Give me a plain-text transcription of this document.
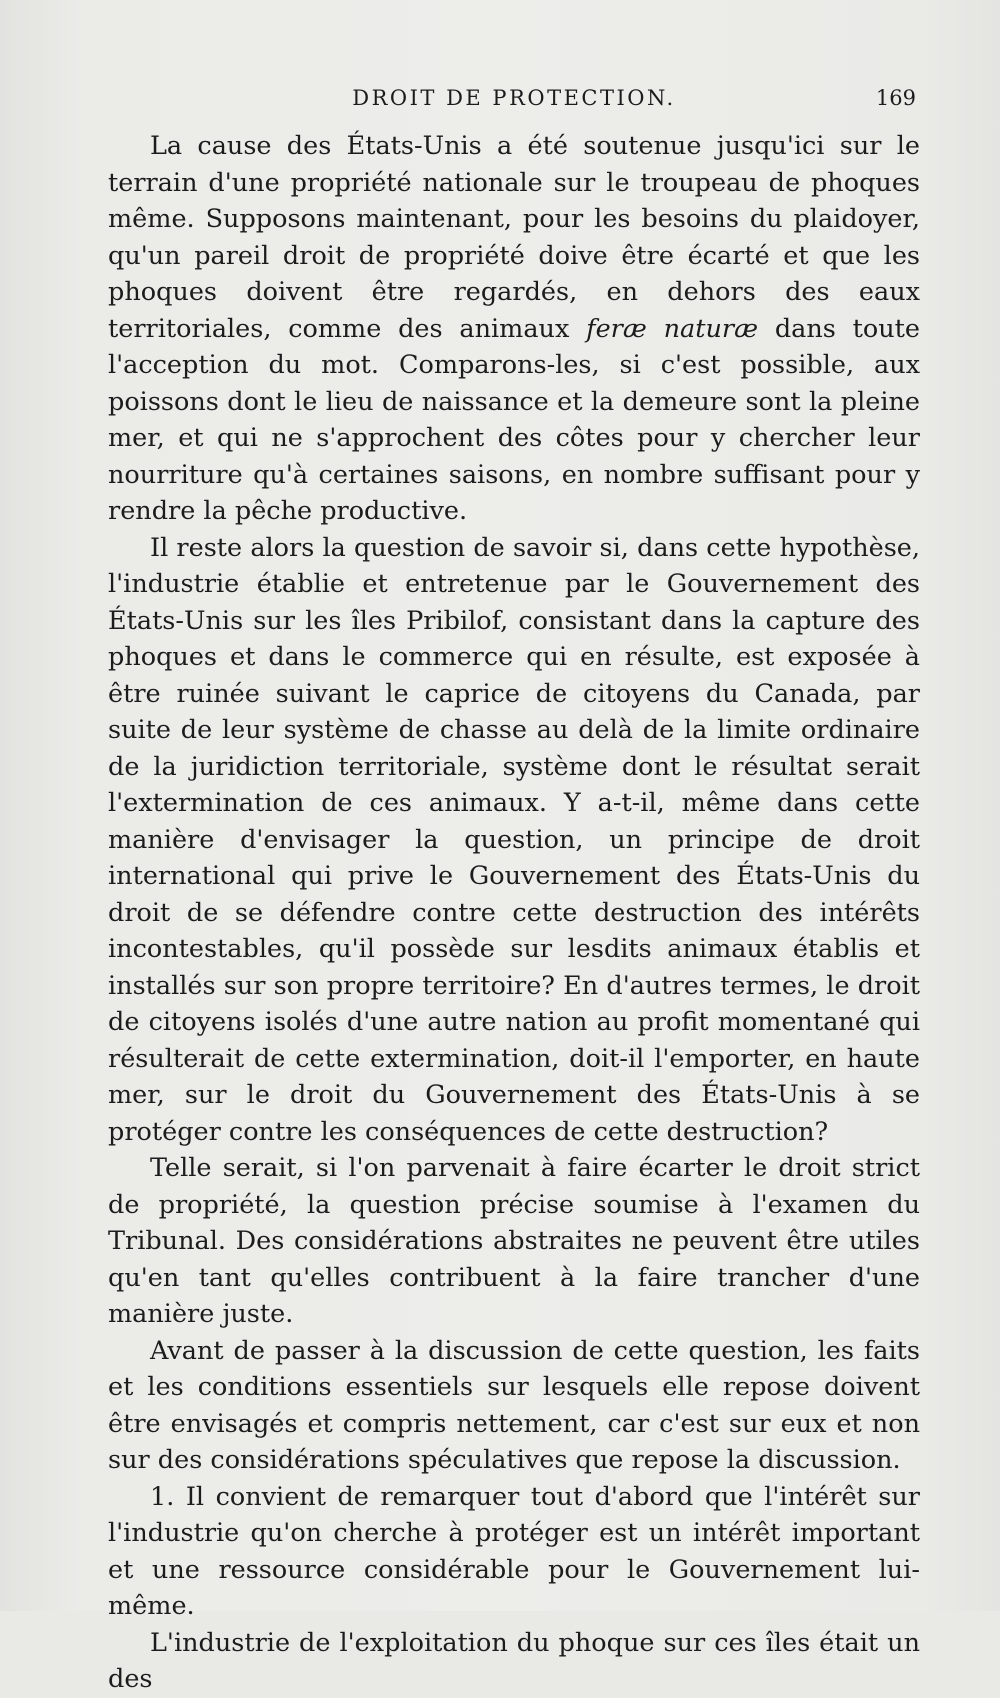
DROIT DE PROTECTION.	169

La cause des États-Unis a été soutenue jusqu'ici sur le terrain d'une propriété nationale sur le troupeau de phoques même. Supposons maintenant, pour les besoins du plaidoyer, qu'un pareil droit de propriété doive être écarté et que les phoques doivent être regardés, en dehors des eaux territoriales, comme des animaux feræ naturæ dans toute l'acception du mot. Comparons-les, si c'est possible, aux poissons dont le lieu de naissance et la demeure sont la pleine mer, et qui ne s'approchent des côtes pour y chercher leur nourriture qu'à certaines saisons, en nombre suffisant pour y rendre la pêche productive.

Il reste alors la question de savoir si, dans cette hypothèse, l'industrie établie et entretenue par le Gouvernement des États-Unis sur les îles Pribilof, consistant dans la capture des phoques et dans le commerce qui en résulte, est exposée à être ruinée suivant le caprice de citoyens du Canada, par suite de leur système de chasse au delà de la limite ordinaire de la juridiction territoriale, système dont le résultat serait l'extermination de ces animaux. Y a-t-il, même dans cette manière d'envisager la question, un principe de droit international qui prive le Gouvernement des États-Unis du droit de se défendre contre cette destruction des intérêts incontestables, qu'il possède sur lesdits animaux établis et installés sur son propre territoire? En d'autres termes, le droit de citoyens isolés d'une autre nation au profit momentané qui résulterait de cette extermination, doit-il l'emporter, en haute mer, sur le droit du Gouvernement des États-Unis à se protéger contre les conséquences de cette destruction?

Telle serait, si l'on parvenait à faire écarter le droit strict de propriété, la question précise soumise à l'examen du Tribunal. Des considérations abstraites ne peuvent être utiles qu'en tant qu'elles contribuent à la faire trancher d'une manière juste.

Avant de passer à la discussion de cette question, les faits et les conditions essentiels sur lesquels elle repose doivent être envisagés et compris nettement, car c'est sur eux et non sur des considérations spéculatives que repose la discussion.

1. Il convient de remarquer tout d'abord que l'intérêt sur l'industrie qu'on cherche à protéger est un intérêt important et une ressource considérable pour le Gouvernement lui-même.

L'industrie de l'exploitation du phoque sur ces îles était un des
